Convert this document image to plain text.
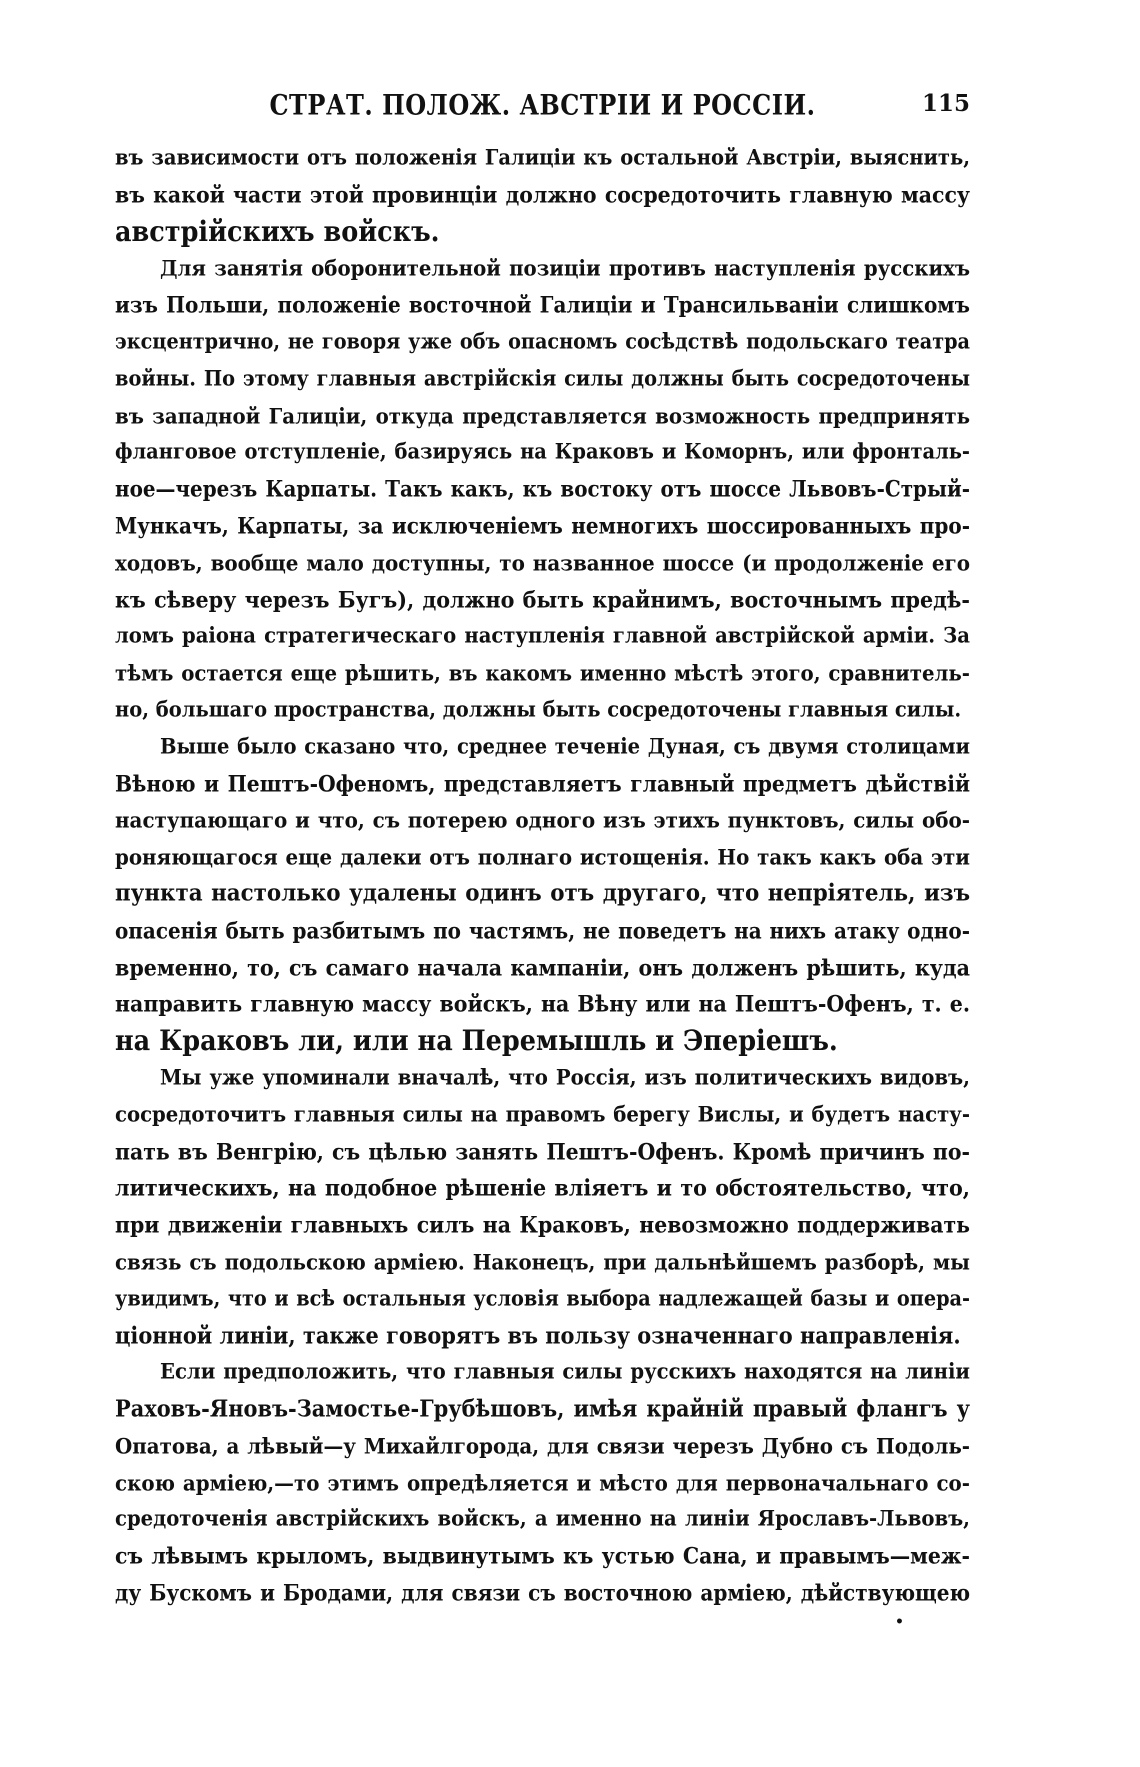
СТРАТ. ПОЛОЖ. АВСТРІИ И РОССІИ.	115
въ зависимости отъ положенія Галиціи къ остальной Австріи, выяснить,
въ какой части этой провинціи должно сосредоточить главную массу
австрійскихъ войскъ.
Для занятія оборонительной позиціи противъ наступленія русскихъ
изъ Польши, положеніе восточной Галиціи и Трансильваніи слишкомъ
эксцентрично, не говоря уже объ опасномъ сосѣдствѣ подольскаго театра
войны. По этому главныя австрійскія силы должны быть сосредоточены
въ западной Галиціи, откуда представляется возможность предпринять
фланговое отступленіе, базируясь на Краковъ и Коморнъ, или фронталь-
ное—черезъ Карпаты. Такъ какъ, къ востоку отъ шоссе Львовъ-Стрый-
Мункачъ, Карпаты, за исключеніемъ немногихъ шоссированныхъ про-
ходовъ, вообще мало доступны, то названное шоссе (и продолженіе его
къ сѣверу черезъ Бугъ), должно быть крайнимъ, восточнымъ предѣ-
ломъ раіона стратегическаго наступленія главной австрійской арміи. За
тѣмъ остается еще рѣшить, въ какомъ именно мѣстѣ этого, сравнитель-
но, большаго пространства, должны быть сосредоточены главныя силы.
Выше было сказано что, среднее теченіе Дуная, съ двумя столицами
Вѣною и Пештъ-Офеномъ, представляетъ главный предметъ дѣйствій
наступающаго и что, съ потерею одного изъ этихъ пунктовъ, силы обо-
роняющагося еще далеки отъ полнаго истощенія. Но такъ какъ оба эти
пункта настолько удалены одинъ отъ другаго, что непріятель, изъ
опасенія быть разбитымъ по частямъ, не поведетъ на нихъ атаку одно-
временно, то, съ самаго начала кампаніи, онъ долженъ рѣшить, куда
направить главную массу войскъ, на Вѣну или на Пештъ-Офенъ, т. е.
на Краковъ ли, или на Перемышль и Эперіешъ.
Мы уже упоминали вначалѣ, что Россія, изъ политическихъ видовъ,
сосредоточитъ главныя силы на правомъ берегу Вислы, и будетъ насту-
пать въ Венгрію, съ цѣлью занять Пештъ-Офенъ. Кромѣ причинъ по-
литическихъ, на подобное рѣшеніе вліяетъ и то обстоятельство, что,
при движеніи главныхъ силъ на Краковъ, невозможно поддерживать
связь съ подольскою арміею. Наконецъ, при дальнѣйшемъ разборѣ, мы
увидимъ, что и всѣ остальныя условія выбора надлежащей базы и опера-
ціонной линіи, также говорятъ въ пользу означеннаго направленія.
Если предположить, что главныя силы русскихъ находятся на линіи
Раховъ-Яновъ-Замостье-Грубѣшовъ, имѣя крайній правый флангъ у
Опатова, а лѣвый—у Михайлгорода, для связи черезъ Дубно съ Подоль-
скою арміею,—то этимъ опредѣляется и мѣсто для первоначальнаго со-
средоточенія австрійскихъ войскъ, а именно на линіи Ярославъ-Львовъ,
съ лѣвымъ крыломъ, выдвинутымъ къ устью Сана, и правымъ—меж-
ду Бускомъ и Бродами, для связи съ восточною арміею, дѣйствующею
•
